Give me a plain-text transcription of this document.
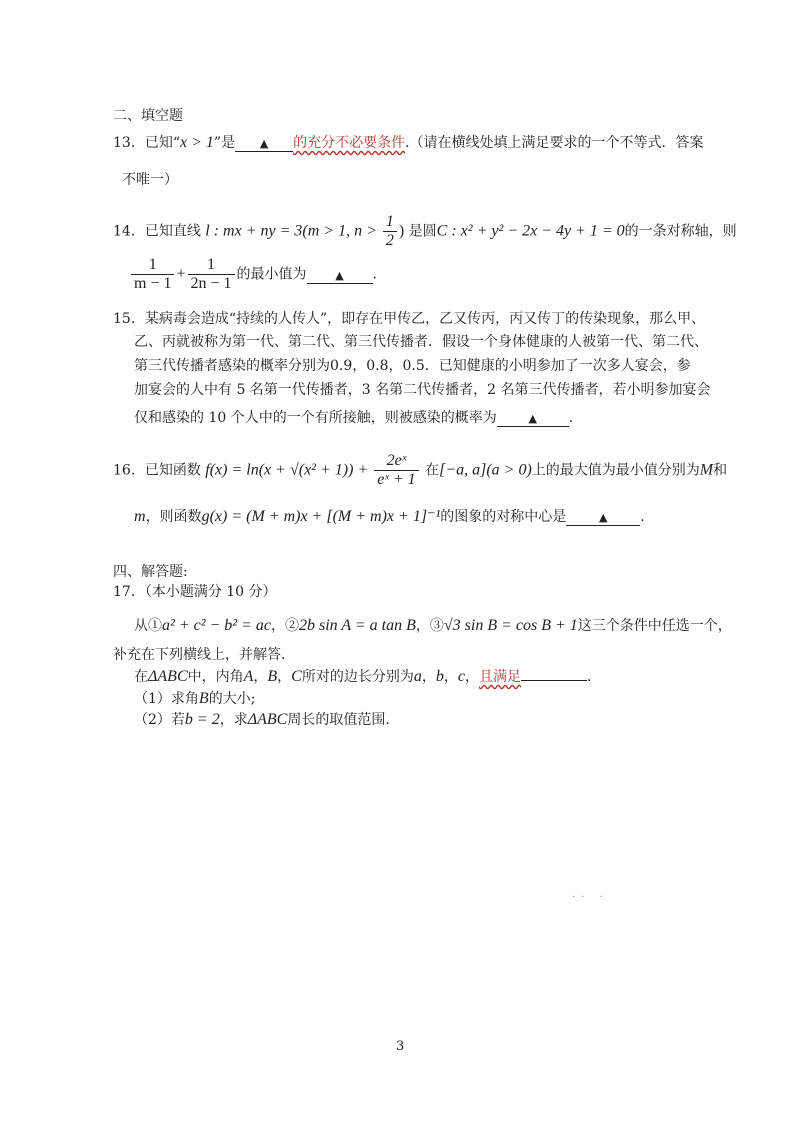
二、填空题
13．已知“x > 1”是 ▲ 的充分不必要条件.（请在横线处填上满足要求的一个不等式．答案
不唯一）
14．已知直线 l : mx + ny = 3(m > 1, $n > \frac{1}{2}$ ) 是圆C : x² + y² − 2x − 4y + 1 = 0的一条对称轴，则
$\frac{1}{m - 1} + \frac{1}{2n - 1}$ 的最小值为	▲ .
15．某病毒会造成“持续的人传人”，即存在甲传乙，乙又传丙，丙又传丁的传染现象，那么甲、
乙、丙就被称为第一代、第二代、第三代传播者．假设一个身体健康的人被第一代、第二代、
第三代传播者感染的概率分别为0.9，0.8，0.5．已知健康的小明参加了一次多人宴会，参
加宴会的人中有 5 名第一代传播者，3 名第二代传播者，2 名第三代传播者，若小明参加宴会
仅和感染的 10 个人中的一个有所接触，则被感染的概率为	▲ .
16．已知函数 $f(x) = \ln(x + √(x^2 + 1)) + \frac{\text{2eˣ}}{\text{eˣ + 1}}$ 在[−a, a](a > 0)上的最大值为最小值分别为M和
m，则函数g(x) = (M + m)x + [(M + m)x + 1]⁻¹的图象的对称中心是	▲ .
四、解答题:
17．（本小题满分 10 分）
从①a² + c² − b² = ac，②2b sin A = a tan B，③√3 sin B = cos B + 1这三个条件中任选一个，
补充在下列横线上，并解答.
在ΔABC中，内角A，B，C所对的边长分别为a，b，c，且满足	.
（1）求角B的大小;
（2）若b = 2，求ΔABC周长的取值范围.
·· ·
3
